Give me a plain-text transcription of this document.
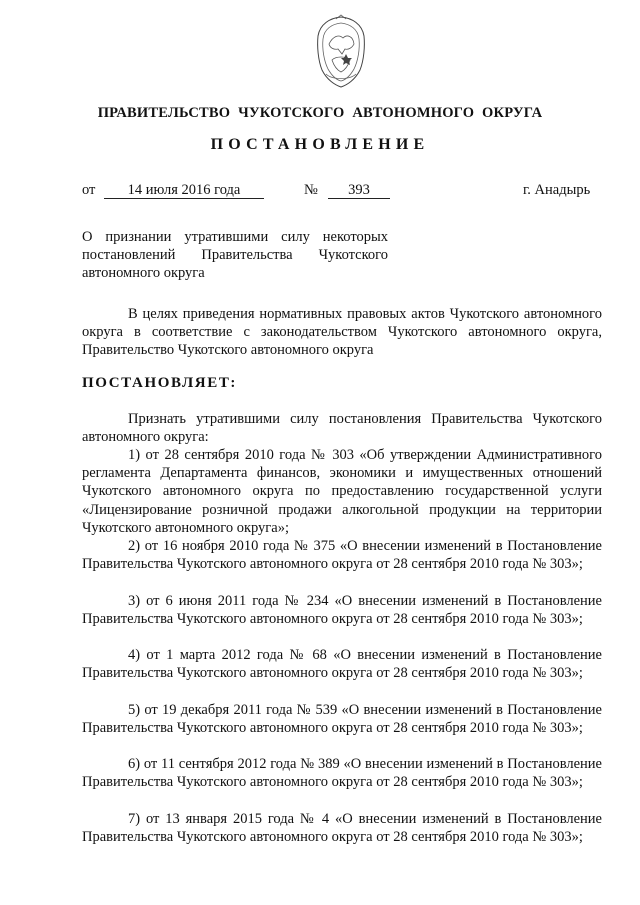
ПРАВИТЕЛЬСТВО ЧУКОТСКОГО АВТОНОМНОГО ОКРУГА
ПОСТАНОВЛЕНИЕ
от	14 июля 2016 года	№	393	г. Анадырь
О признании утратившими силу некоторых постановлений Правительства Чукотского автономного округа

В целях приведения нормативных правовых актов Чукотского автономного округа в соответствие с законодательством Чукотского автономного округа, Правительство Чукотского автономного округа

ПОСТАНОВЛЯЕТ:

Признать утратившими силу постановления Правительства Чукотского автономного округа:

1) от 28 сентября 2010 года № 303 «Об утверждении Административного регламента Департамента финансов, экономики и имущественных отношений Чукотского автономного округа по предоставлению государственной услуги «Лицензирование розничной продажи алкогольной продукции на территории Чукотского автономного округа»;

2) от 16 ноября 2010 года № 375 «О внесении изменений в Постановление Правительства Чукотского автономного округа от 28 сентября 2010 года № 303»;

3) от 6 июня 2011 года № 234 «О внесении изменений в Постановление Правительства Чукотского автономного округа от 28 сентября 2010 года № 303»;

4) от 1 марта 2012 года № 68 «О внесении изменений в Постановление Правительства Чукотского автономного округа от 28 сентября 2010 года № 303»;

5) от 19 декабря 2011 года № 539 «О внесении изменений в Постановление Правительства Чукотского автономного округа от 28 сентября 2010 года № 303»;

6) от 11 сентября 2012 года № 389 «О внесении изменений в Постановление Правительства Чукотского автономного округа от 28 сентября 2010 года № 303»;

7) от 13 января 2015 года № 4 «О внесении изменений в Постановление Правительства Чукотского автономного округа от 28 сентября 2010 года № 303»;
